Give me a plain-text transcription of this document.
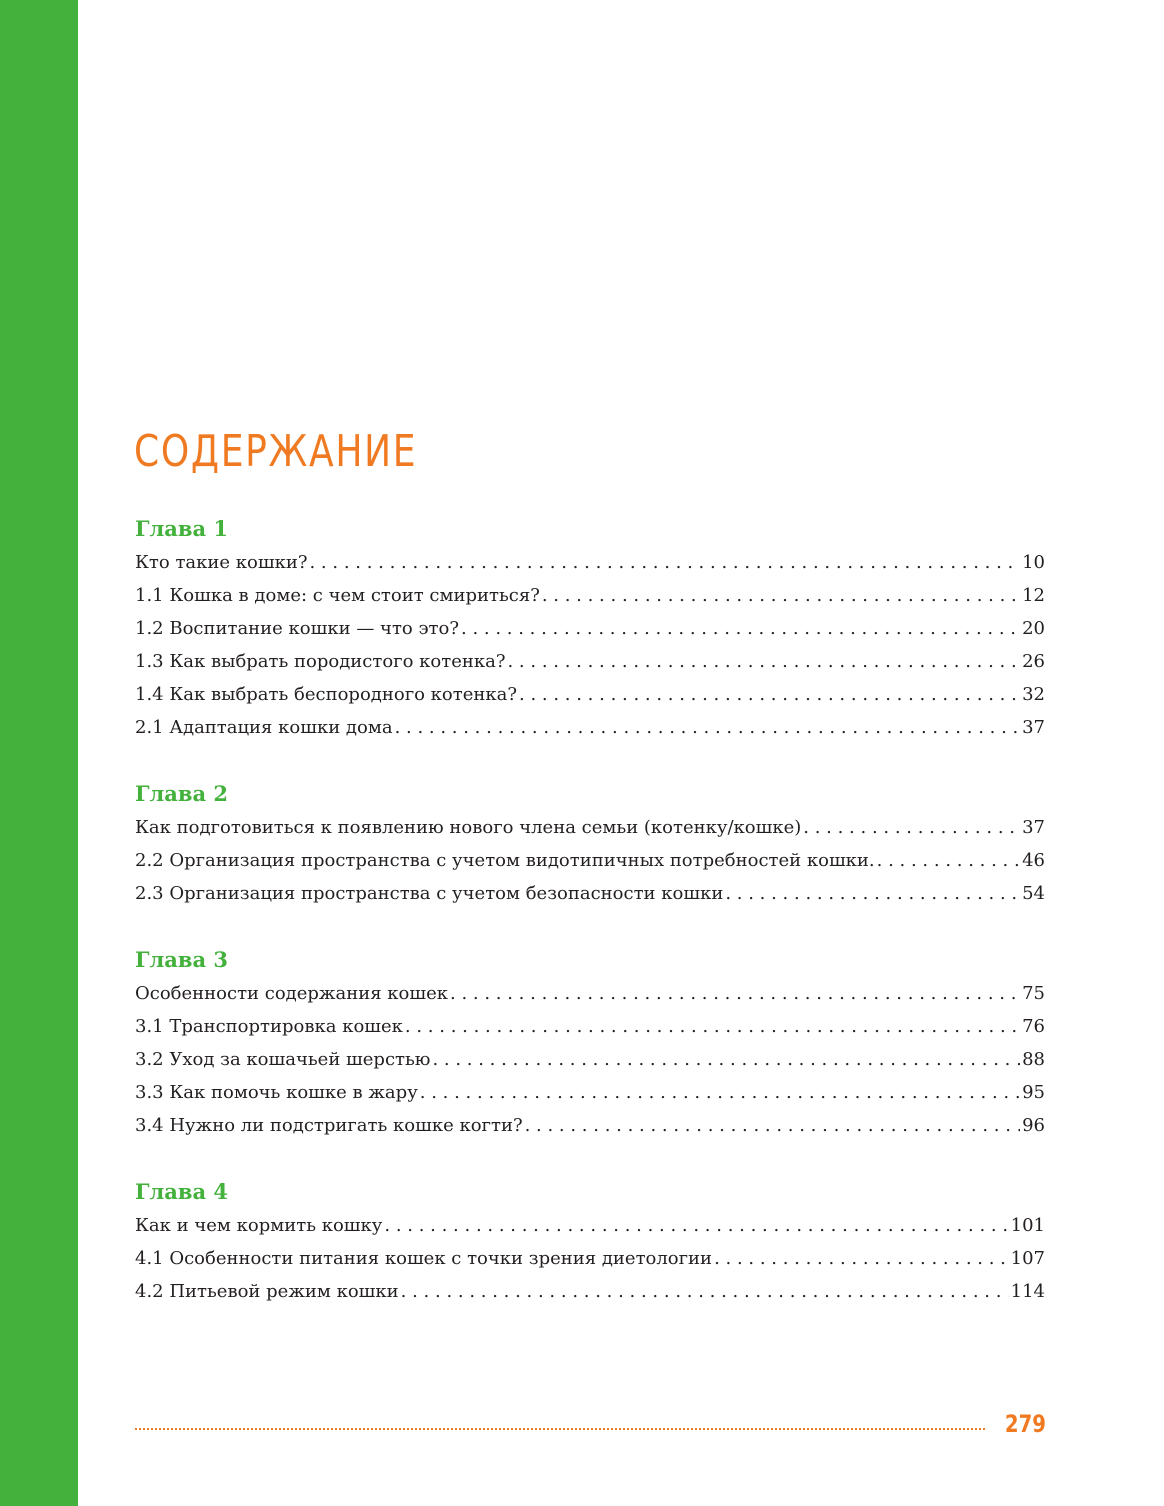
СОДЕРЖАНИЕ
Глава 1
Кто такие кошки? . . .	10
1.1 Кошка в доме: с чем стоит смириться? . . .	12
1.2 Воспитание кошки — что это? . . .	20
1.3 Как выбрать породистого котенка? . . .	26
1.4 Как выбрать беспородного котенка? . . .	32
2.1 Адаптация кошки дома . . .	37
Глава 2
Как подготовиться к появлению нового члена семьи (котенку/кошке) . . .	37
2.2 Организация пространства с учетом видотипичных потребностей кошки. . . .	46
2.3 Организация пространства с учетом безопасности кошки . . .	54
Глава 3
Особенности содержания кошек . . .	75
3.1 Транспортировка кошек . . .	76
3.2 Уход за кошачьей шерстью . . .	88
3.3 Как помочь кошке в жару . . .	95
3.4 Нужно ли подстригать кошке когти? . . .	96
Глава 4
Как и чем кормить кошку . . .	101
4.1 Особенности питания кошек с точки зрения диетологии . . .	107
4.2 Питьевой режим кошки . . .	114
279
